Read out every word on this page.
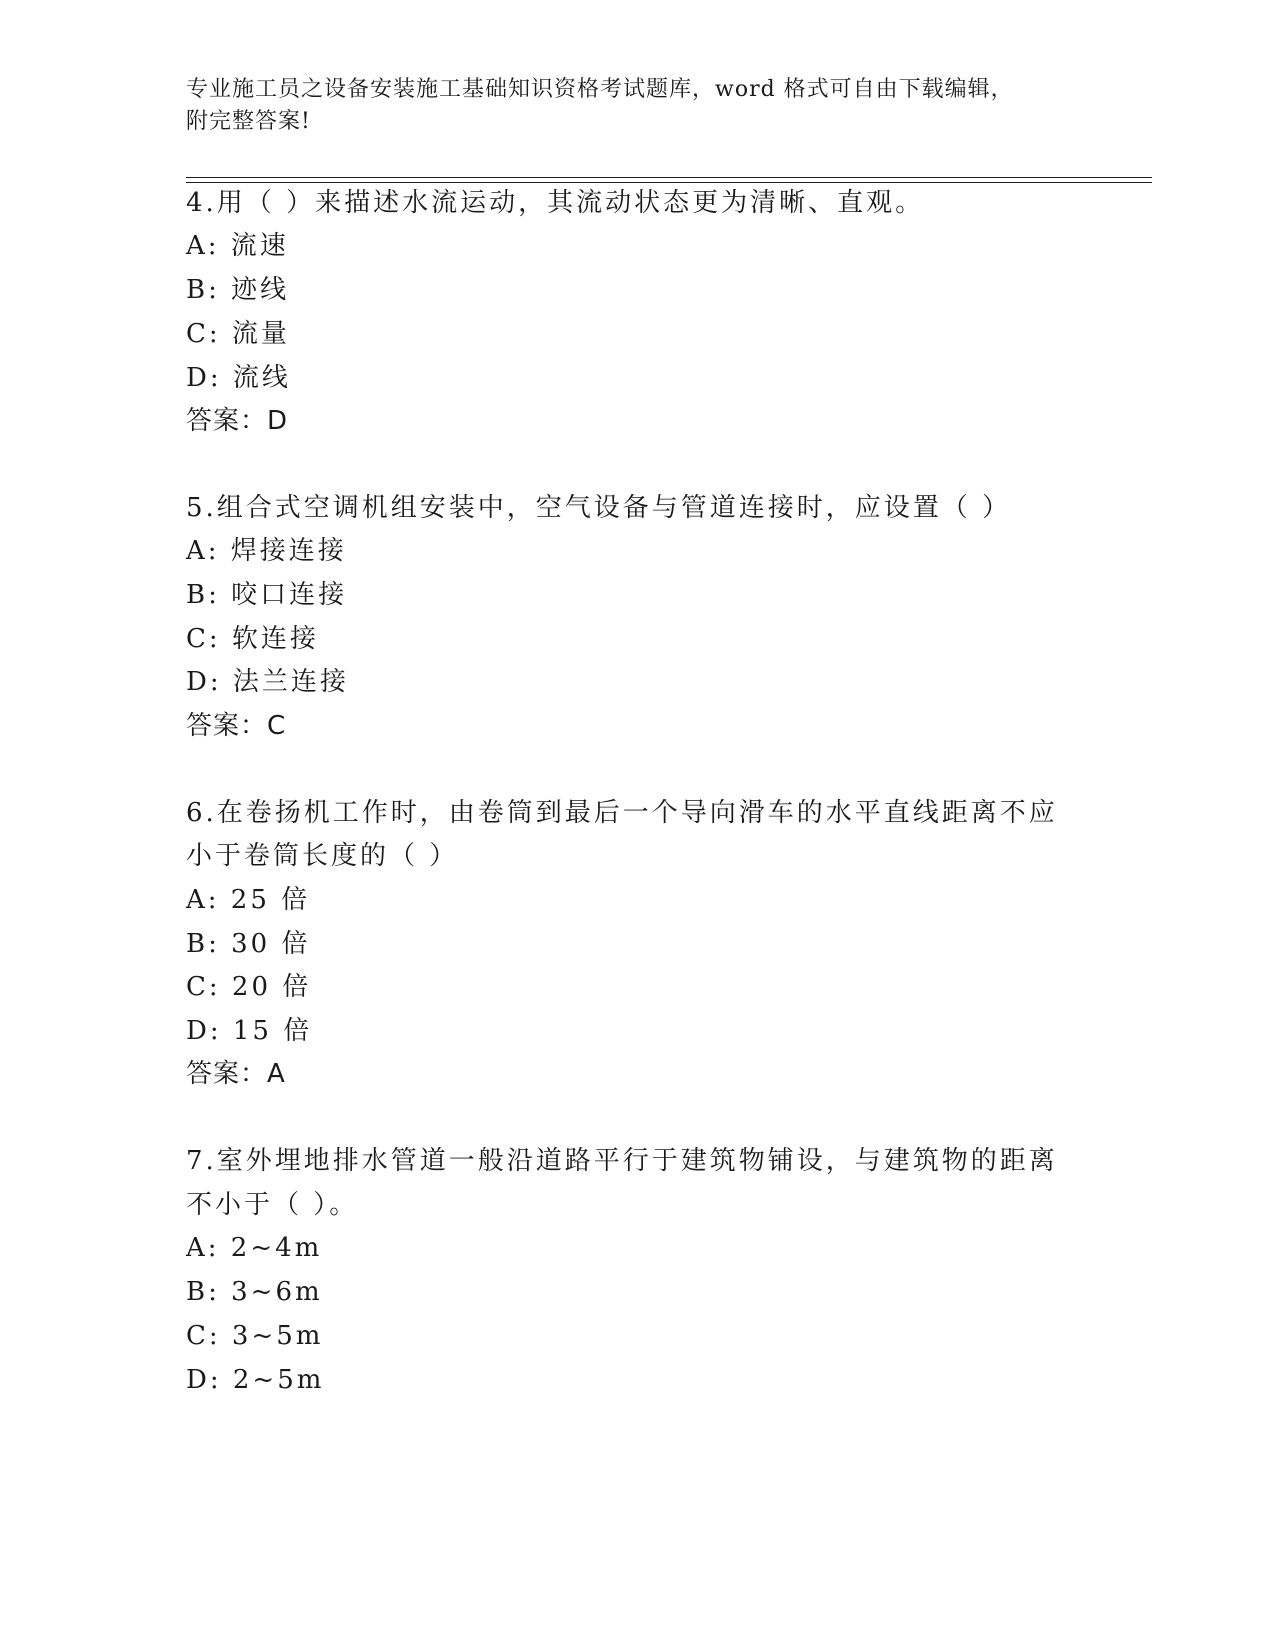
专业施工员之设备安装施工基础知识资格考试题库，word 格式可自由下载编辑，
附完整答案!
4.用（ ）来描述水流运动，其流动状态更为清晰、直观。
A: 流速
B: 迹线
C: 流量
D: 流线
答案：D
5.组合式空调机组安装中，空气设备与管道连接时，应设置（ ）
A: 焊接连接
B: 咬口连接
C: 软连接
D: 法兰连接
答案：C
6.在卷扬机工作时，由卷筒到最后一个导向滑车的水平直线距离不应
小于卷筒长度的（ ）
A: 25 倍
B: 30 倍
C: 20 倍
D: 15 倍
答案：A
7.室外埋地排水管道一般沿道路平行于建筑物铺设，与建筑物的距离
不小于（ ）。
A: 2~4m
B: 3~6m
C: 3~5m
D: 2~5m
